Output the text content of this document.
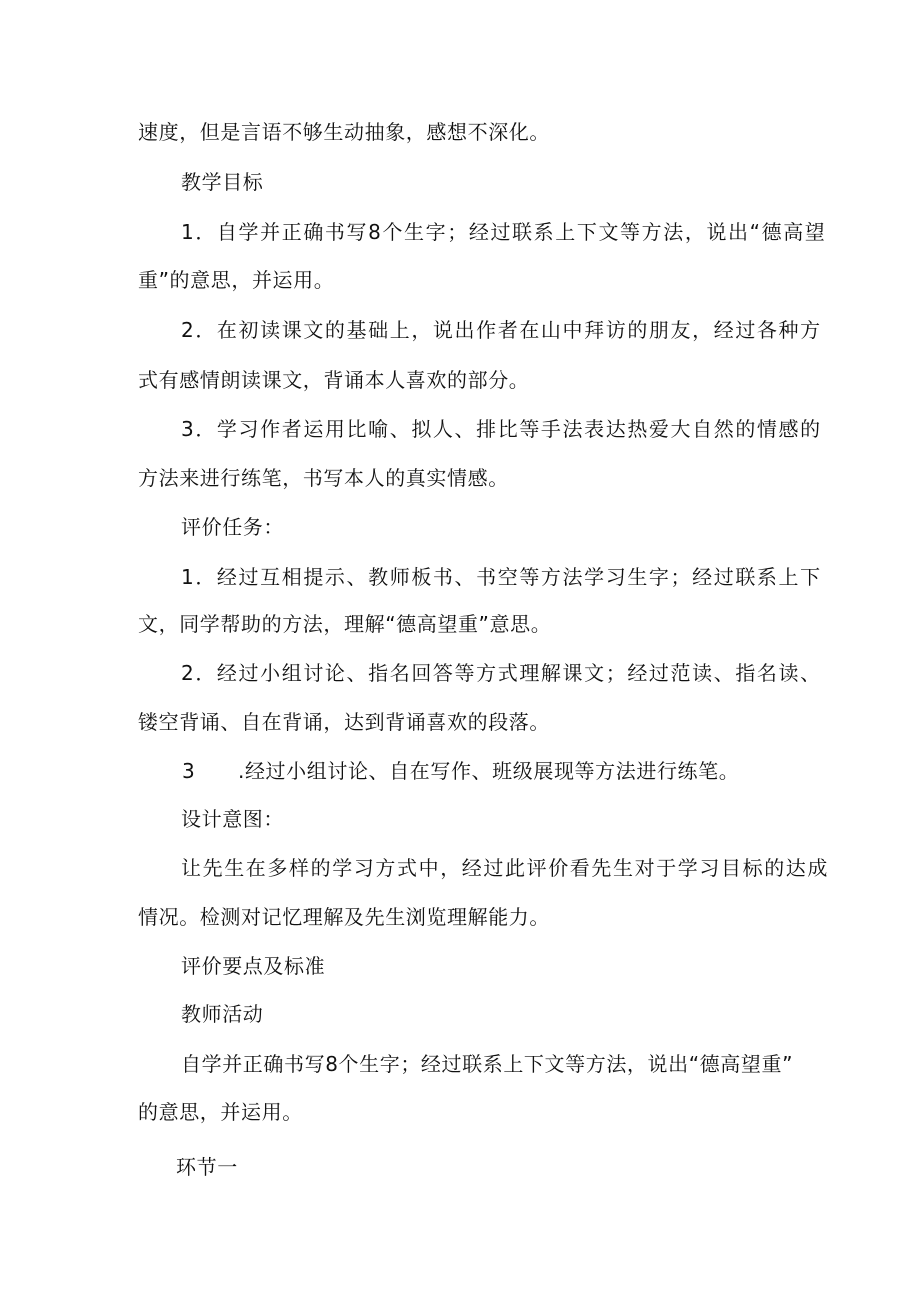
速度，但是言语不够生动抽象，感想不深化。

教学目标

1．自学并正确书写8个生字；经过联系上下文等方法，说出“德高望

重”的意思，并运用。

2．在初读课文的基础上，说出作者在山中拜访的朋友，经过各种方

式有感情朗读课文，背诵本人喜欢的部分。

3．学习作者运用比喻、拟人、排比等手法表达热爱大自然的情感的

方法来进行练笔，书写本人的真实情感。

评价任务：

1．经过互相提示、教师板书、书空等方法学习生字；经过联系上下

文，同学帮助的方法，理解“德高望重”意思。

2．经过小组讨论、指名回答等方式理解课文；经过范读、指名读、

镂空背诵、自在背诵，达到背诵喜欢的段落。

3 .经过小组讨论、自在写作、班级展现等方法进行练笔。

设计意图：

让先生在多样的学习方式中，经过此评价看先生对于学习目标的达成

情况。检测对记忆理解及先生浏览理解能力。

评价要点及标准

教师活动

自学并正确书写8个生字；经过联系上下文等方法，说出“德高望重”

的意思，并运用。

环节一
